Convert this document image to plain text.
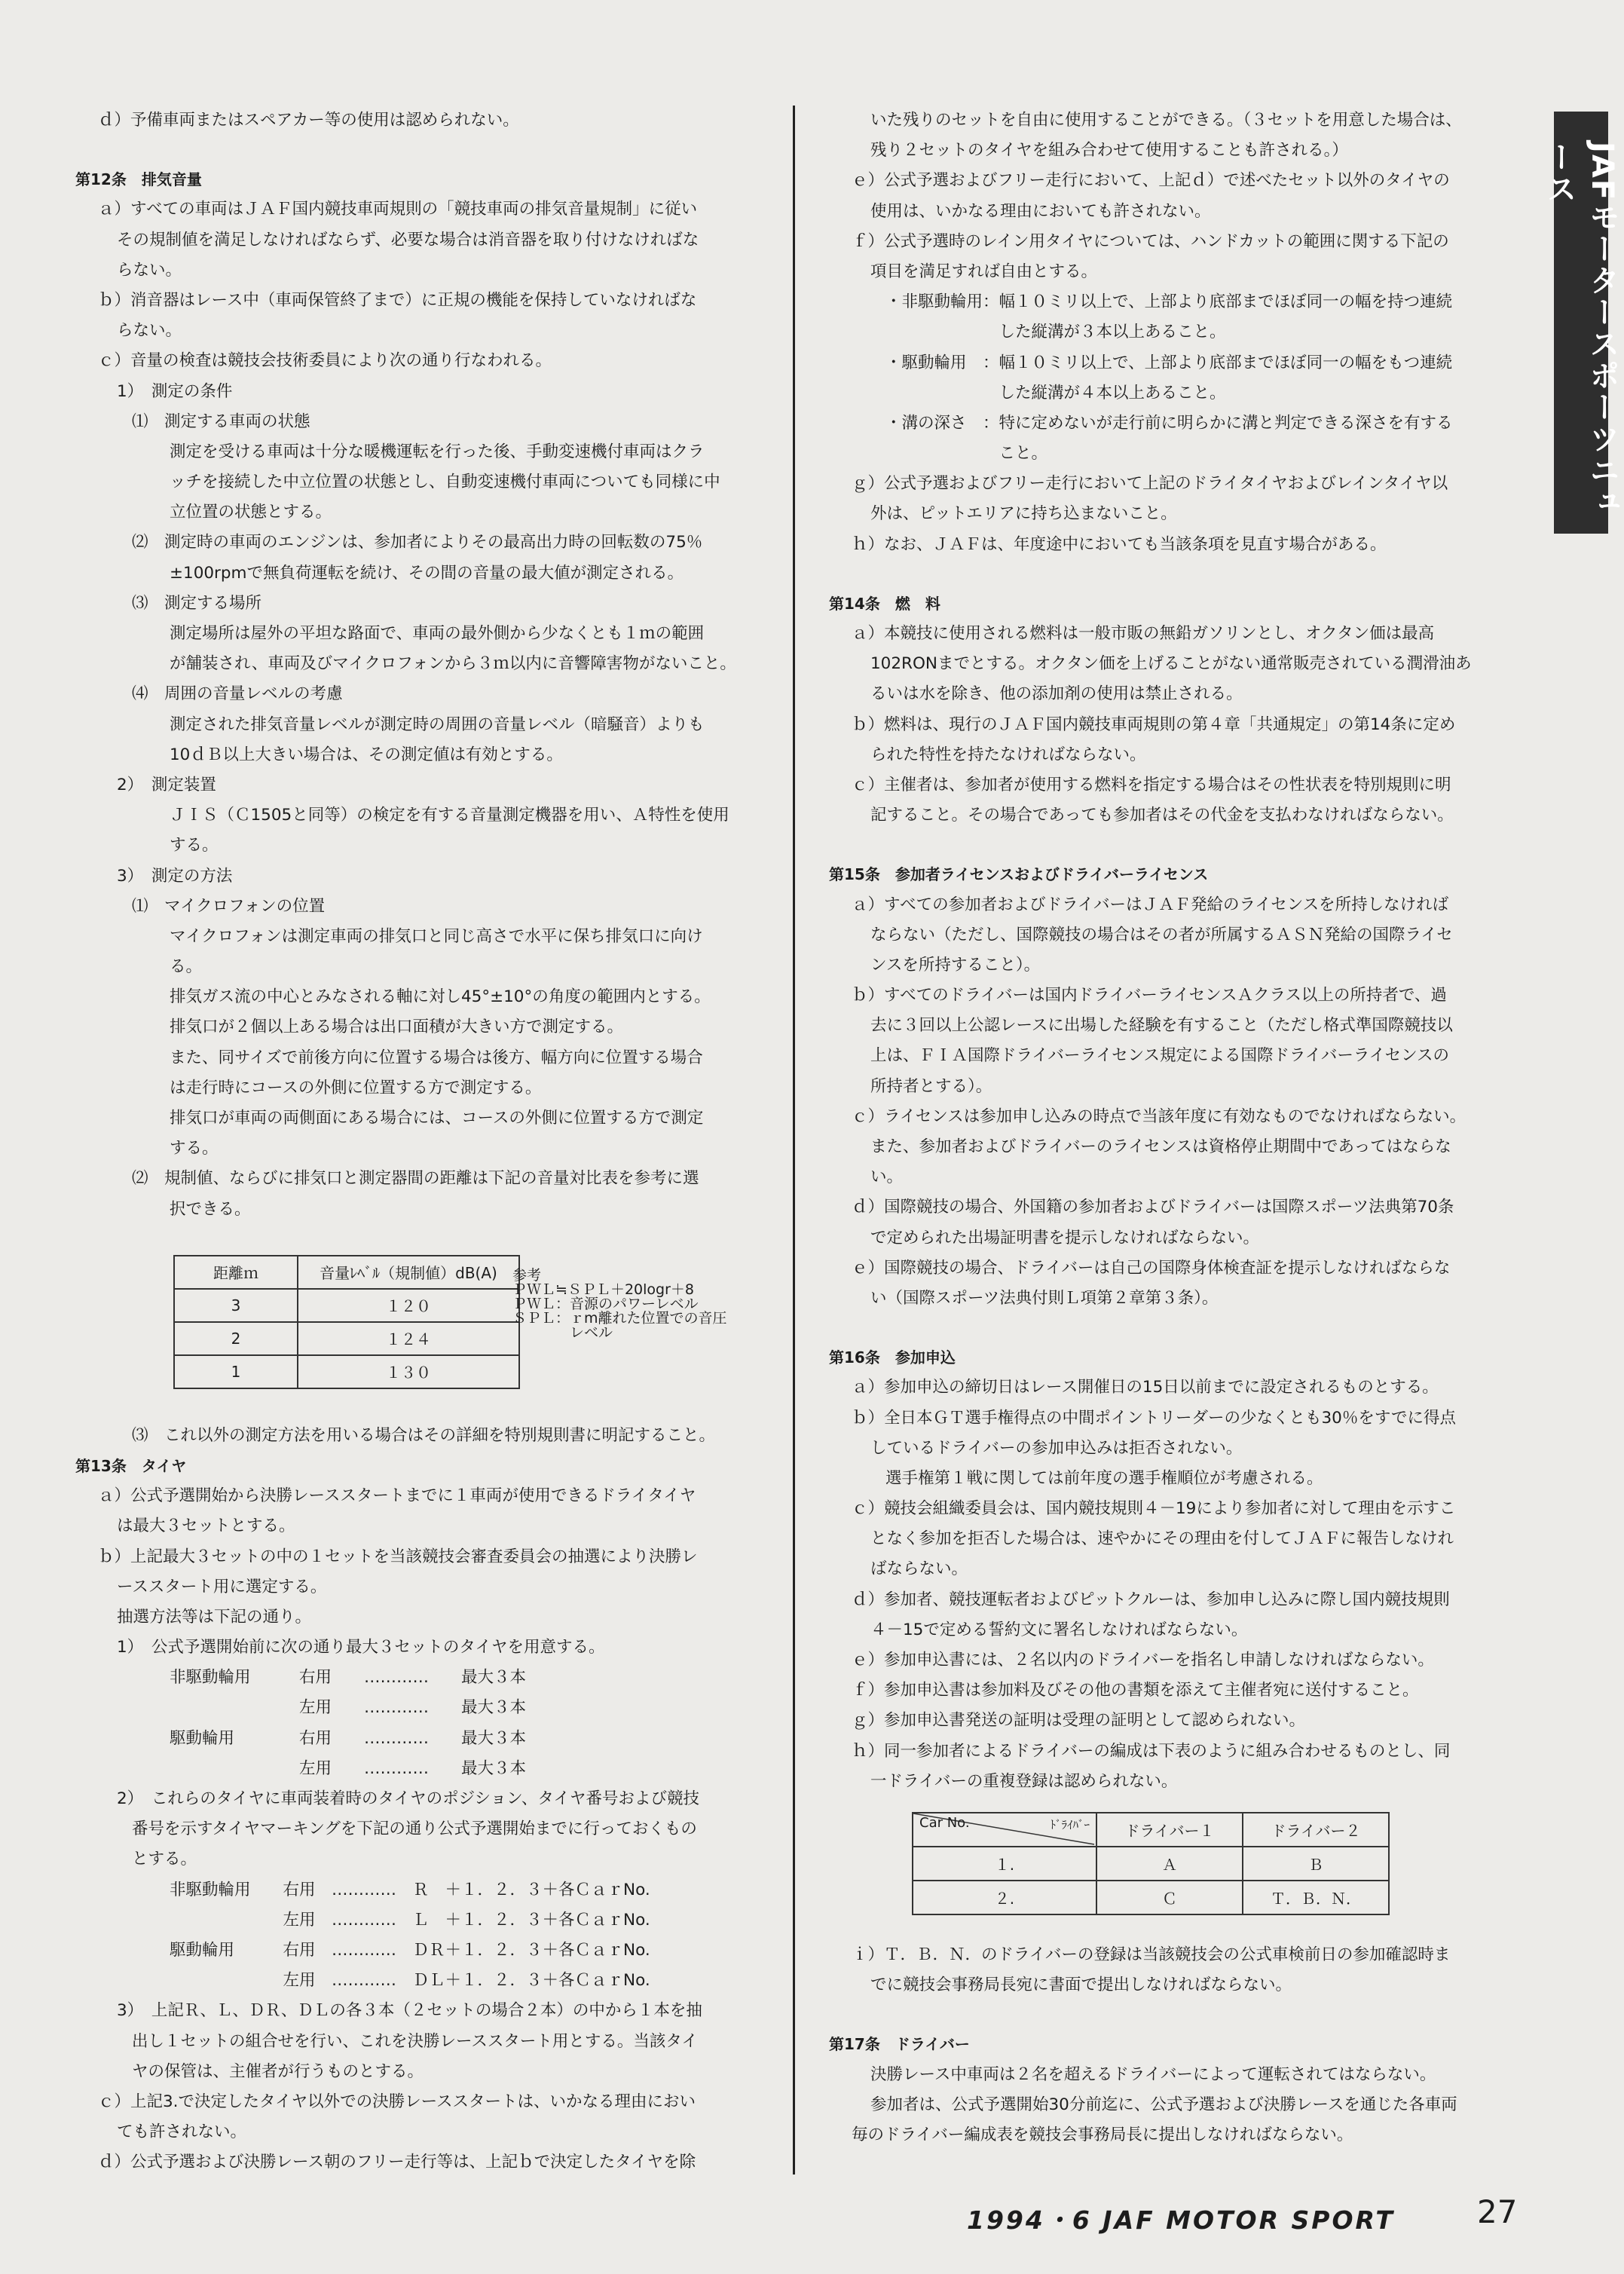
ｄ）予備車両またはスペアカー等の使用は認められない。
第12条　排気音量
ａ）すべての車両はＪＡＦ国内競技車両規則の「競技車両の排気音量規制」に従い
その規制値を満足しなければならず、必要な場合は消音器を取り付けなければな
らない。
ｂ）消音器はレース中（車両保管終了まで）に正規の機能を保持していなければな
らない。
ｃ）音量の検査は競技会技術委員により次の通り行なわれる。
1）　測定の条件
⑴　測定する車両の状態
測定を受ける車両は十分な暖機運転を行った後、手動変速機付車両はクラ
ッチを接続した中立位置の状態とし、自動変速機付車両についても同様に中
立位置の状態とする。
⑵　測定時の車両のエンジンは、参加者によりその最高出力時の回転数の75％
±100rpmで無負荷運転を続け、その間の音量の最大値が測定される。
⑶　測定する場所
測定場所は屋外の平坦な路面で、車両の最外側から少なくとも１ｍの範囲
が舗装され、車両及びマイクロフォンから３ｍ以内に音響障害物がないこと。
⑷　周囲の音量レベルの考慮
測定された排気音量レベルが測定時の周囲の音量レベル（暗騒音）よりも
10ｄＢ以上大きい場合は、その測定値は有効とする。
2）　測定装置
ＪＩＳ（Ｃ1505と同等）の検定を有する音量測定機器を用い、Ａ特性を使用
する。
3）　測定の方法
⑴　マイクロフォンの位置
マイクロフォンは測定車両の排気口と同じ高さで水平に保ち排気口に向け
る。
排気ガス流の中心とみなされる軸に対し45°±10°の角度の範囲内とする。
排気口が２個以上ある場合は出口面積が大きい方で測定する。
また、同サイズで前後方向に位置する場合は後方、幅方向に位置する場合
は走行時にコースの外側に位置する方で測定する。
排気口が車両の両側面にある場合には、コースの外側に位置する方で測定
する。
⑵　規制値、ならびに排気口と測定器間の距離は下記の音量対比表を参考に選
択できる。
距離ｍ	音量ﾚﾍﾞﾙ（規制値）dB(A)
3	１２０
2	１２４
1	１３０
参考
ＰＷＬ≒ＳＰＬ＋20logr＋8
ＰＷＬ：音源のパワーレベル
ＳＰＬ：ｒm離れた位置での音圧
　　　　レベル
⑶　これ以外の測定方法を用いる場合はその詳細を特別規則書に明記すること。
第13条　タイヤ
ａ）公式予選開始から決勝レーススタートまでに１車両が使用できるドライタイヤ
は最大３セットとする。
ｂ）上記最大３セットの中の１セットを当該競技会審査委員会の抽選により決勝レ
ーススタート用に選定する。
抽選方法等は下記の通り。
1）　公式予選開始前に次の通り最大３セットのタイヤを用意する。
非駆動輪用　　　右用　　…………　　最大３本
　　　　　　　　左用　　…………　　最大３本
駆動輪用　　　　右用　　…………　　最大３本
　　　　　　　　左用　　…………　　最大３本
2）　これらのタイヤに車両装着時のタイヤのポジション、タイヤ番号および競技
番号を示すタイヤマーキングを下記の通り公式予選開始までに行っておくもの
とする。
非駆動輪用　　右用　…………　Ｒ　＋１．２．３＋各ＣａｒNo.
　　　　　　　左用　…………　Ｌ　＋１．２．３＋各ＣａｒNo.
駆動輪用　　　右用　…………　ＤＲ＋１．２．３＋各ＣａｒNo.
　　　　　　　左用　…………　ＤＬ＋１．２．３＋各ＣａｒNo.
3）　上記Ｒ、Ｌ、ＤＲ、ＤＬの各３本（２セットの場合２本）の中から１本を抽
出し１セットの組合せを行い、これを決勝レーススタート用とする。当該タイ
ヤの保管は、主催者が行うものとする。
ｃ）上記3.で決定したタイヤ以外での決勝レーススタートは、いかなる理由におい
ても許されない。
ｄ）公式予選および決勝レース朝のフリー走行等は、上記ｂで決定したタイヤを除
いた残りのセットを自由に使用することができる。（３セットを用意した場合は、
残り２セットのタイヤを組み合わせて使用することも許される。）
ｅ）公式予選およびフリー走行において、上記ｄ）で述べたセット以外のタイヤの
使用は、いかなる理由においても許されない。
ｆ）公式予選時のレイン用タイヤについては、ハンドカットの範囲に関する下記の
項目を満足すれば自由とする。
・非駆動輪用：幅１０ミリ以上で、上部より底部までほぼ同一の幅を持つ連続
　　　　　　　した縦溝が３本以上あること。
・駆動輪用　：幅１０ミリ以上で、上部より底部までほぼ同一の幅をもつ連続
　　　　　　　した縦溝が４本以上あること。
・溝の深さ　：特に定めないが走行前に明らかに溝と判定できる深さを有する
　　　　　　　こと。
ｇ）公式予選およびフリー走行において上記のドライタイヤおよびレインタイヤ以
外は、ピットエリアに持ち込まないこと。
ｈ）なお、ＪＡＦは、年度途中においても当該条項を見直す場合がある。
第14条　燃　料
ａ）本競技に使用される燃料は一般市販の無鉛ガソリンとし、オクタン価は最高
102RONまでとする。オクタン価を上げることがない通常販売されている潤滑油あ
るいは水を除き、他の添加剤の使用は禁止される。
ｂ）燃料は、現行のＪＡＦ国内競技車両規則の第４章「共通規定」の第14条に定め
られた特性を持たなければならない。
ｃ）主催者は、参加者が使用する燃料を指定する場合はその性状表を特別規則に明
記すること。その場合であっても参加者はその代金を支払わなければならない。
第15条　参加者ライセンスおよびドライバーライセンス
ａ）すべての参加者およびドライバーはＪＡＦ発給のライセンスを所持しなければ
ならない（ただし、国際競技の場合はその者が所属するＡＳＮ発給の国際ライセ
ンスを所持すること）。
ｂ）すべてのドライバーは国内ドライバーライセンスＡクラス以上の所持者で、過
去に３回以上公認レースに出場した経験を有すること（ただし格式準国際競技以
上は、ＦＩＡ国際ドライバーライセンス規定による国際ドライバーライセンスの
所持者とする）。
ｃ）ライセンスは参加申し込みの時点で当該年度に有効なものでなければならない。
また、参加者およびドライバーのライセンスは資格停止期間中であってはならな
い。
ｄ）国際競技の場合、外国籍の参加者およびドライバーは国際スポーツ法典第70条
で定められた出場証明書を提示しなければならない。
ｅ）国際競技の場合、ドライバーは自己の国際身体検査証を提示しなければならな
い（国際スポーツ法典付則Ｌ項第２章第３条）。
第16条　参加申込
ａ）参加申込の締切日はレース開催日の15日以前までに設定されるものとする。
ｂ）全日本ＧＴ選手権得点の中間ポイントリーダーの少なくとも30％をすでに得点
しているドライバーの参加申込みは拒否されない。
選手権第１戦に関しては前年度の選手権順位が考慮される。
ｃ）競技会組織委員会は、国内競技規則４－19により参加者に対して理由を示すこ
となく参加を拒否した場合は、速やかにその理由を付してＪＡＦに報告しなけれ
ばならない。
ｄ）参加者、競技運転者およびピットクルーは、参加申し込みに際し国内競技規則
４－15で定める誓約文に署名しなければならない。
ｅ）参加申込書には、２名以内のドライバーを指名し申請しなければならない。
ｆ）参加申込書は参加料及びその他の書類を添えて主催者宛に送付すること。
ｇ）参加申込書発送の証明は受理の証明として認められない。
ｈ）同一参加者によるドライバーの編成は下表のように組み合わせるものとし、同
一ドライバーの重複登録は認められない。
Car No. ﾄﾞﾗｲﾊﾞｰ	ドライバー１	ドライバー２
１.	Ａ	Ｂ
２.	Ｃ	Ｔ．Ｂ．Ｎ．
ｉ）Ｔ．Ｂ．Ｎ．のドライバーの登録は当該競技会の公式車検前日の参加確認時ま
でに競技会事務局長宛に書面で提出しなければならない。
第17条　ドライバー
決勝レース中車両は２名を超えるドライバーによって運転されてはならない。
参加者は、公式予選開始30分前迄に、公式予選および決勝レースを通じた各車両
毎のドライバー編成表を競技会事務局長に提出しなければならない。
JAFモータースポーツニュース
1994・6 JAF MOTOR SPORT	27
